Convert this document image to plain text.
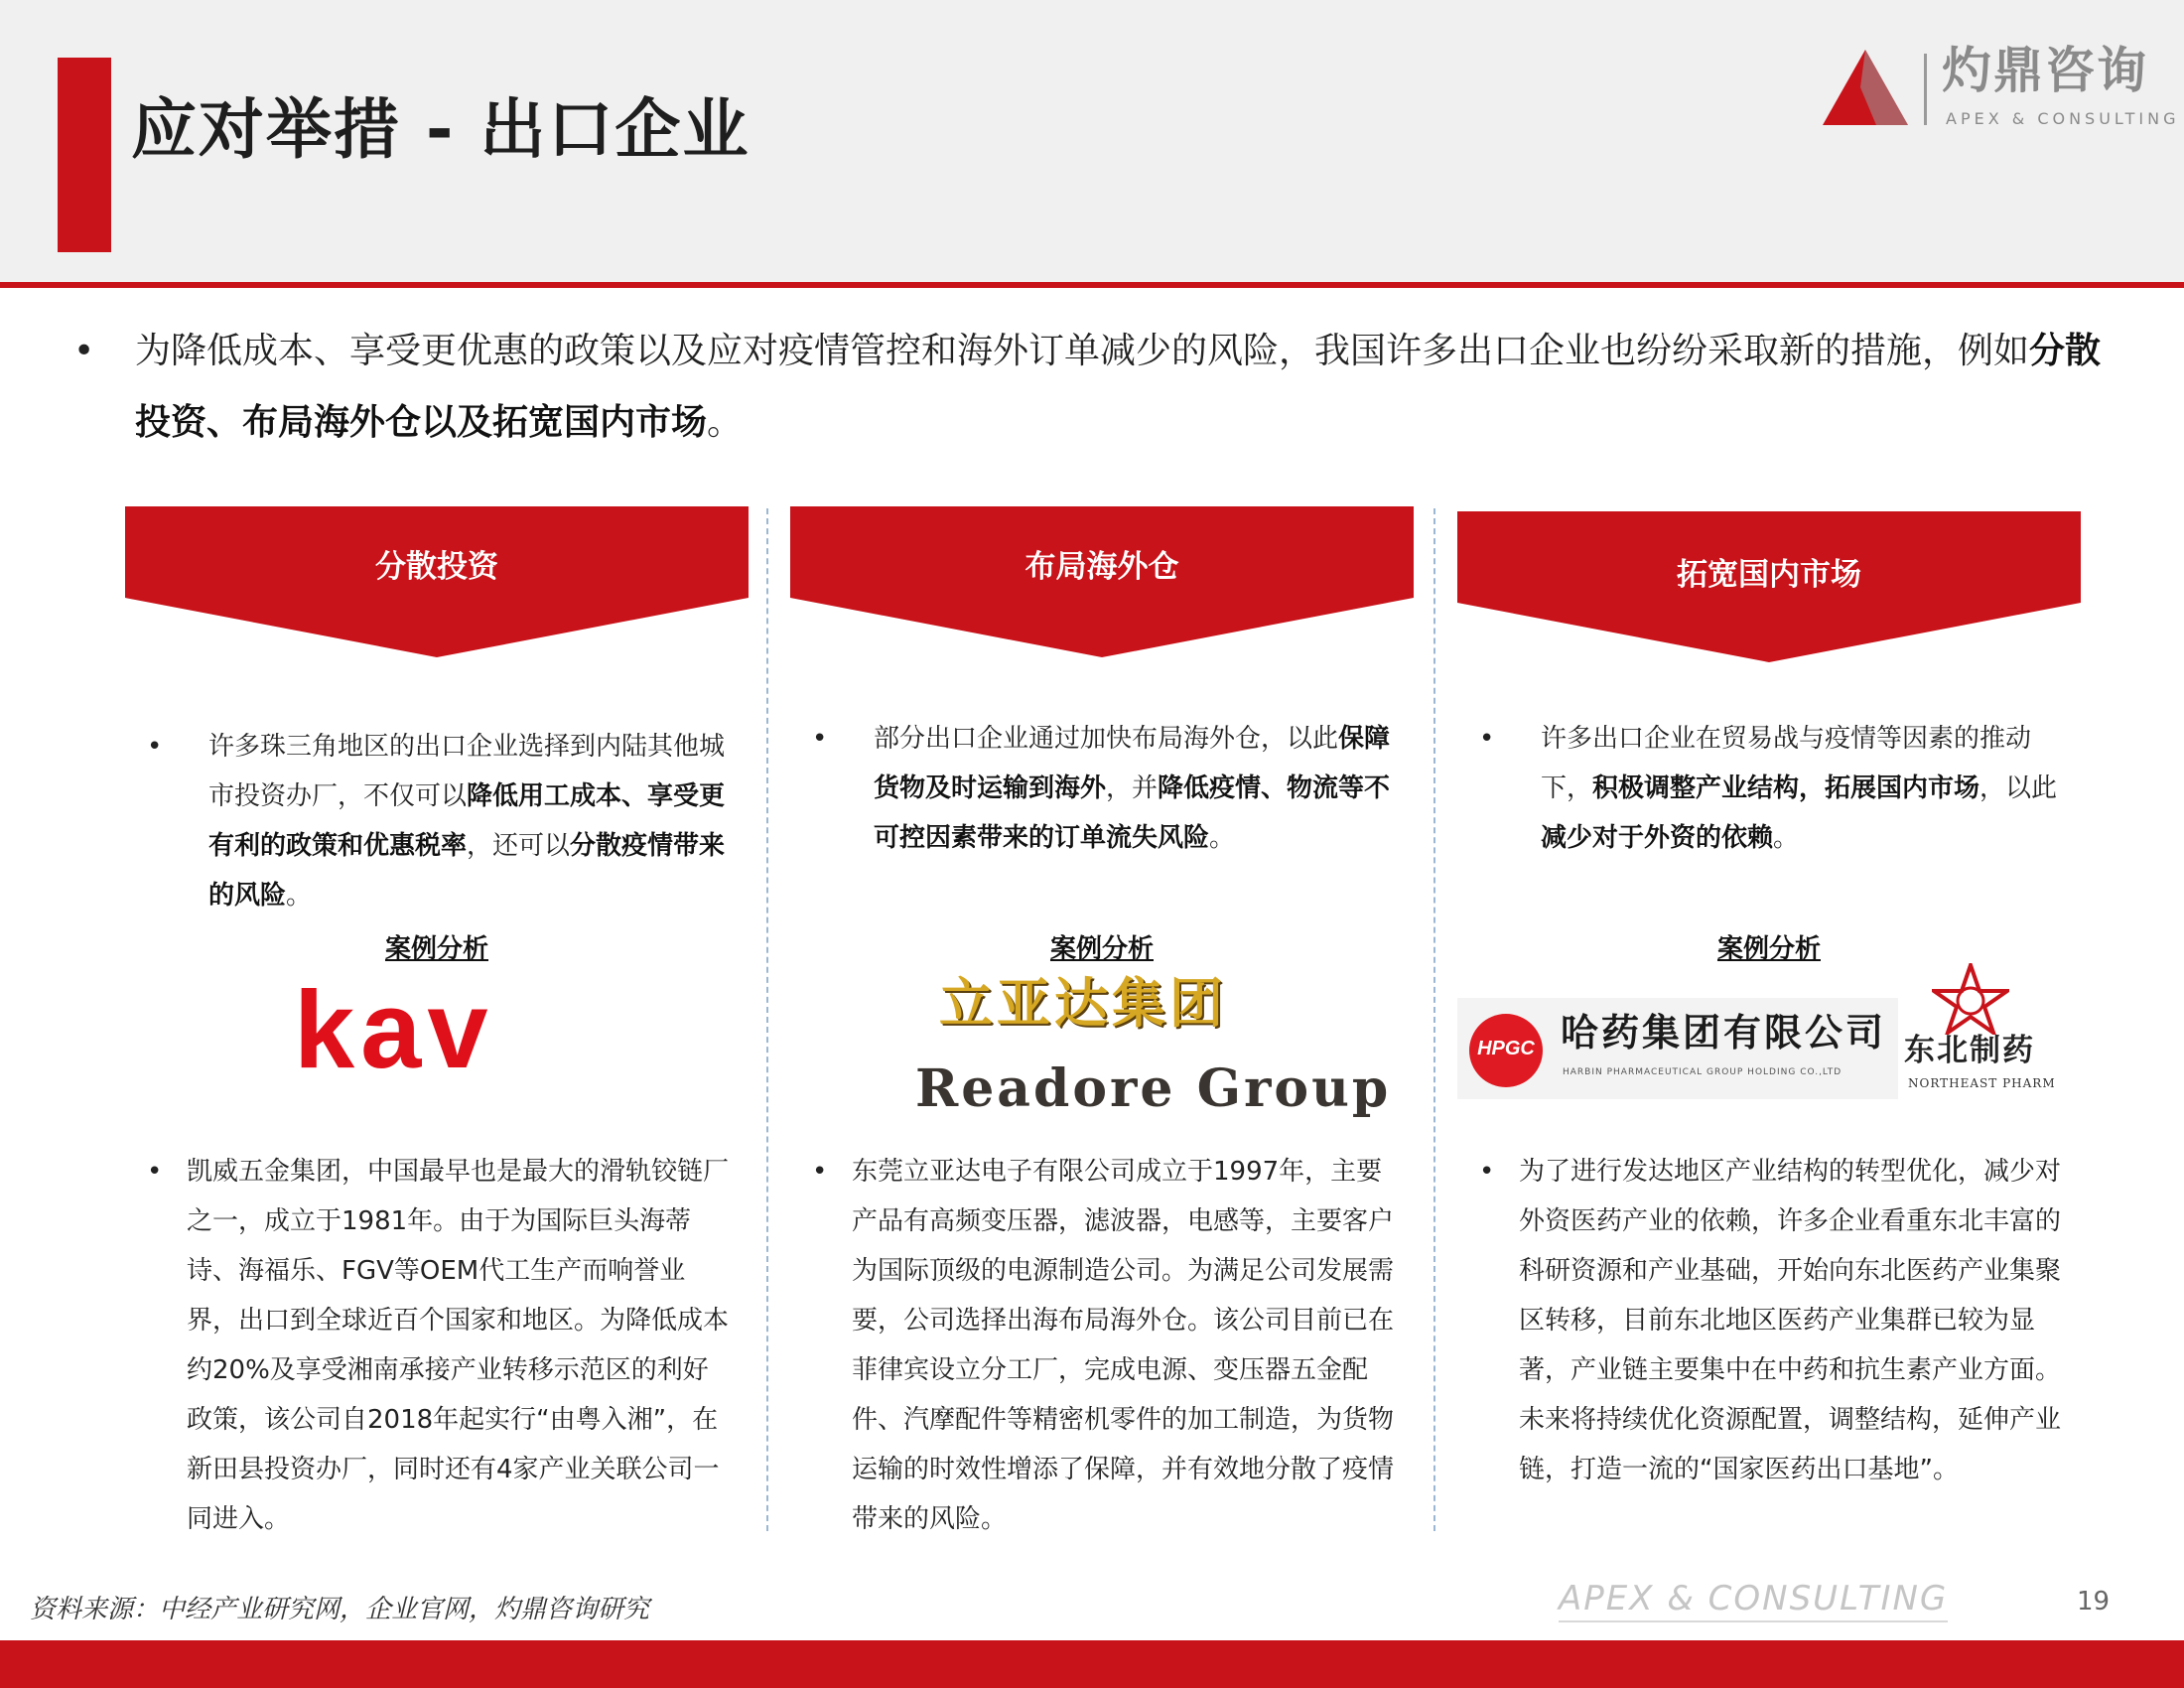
应对举措 - 出口企业
灼鼎咨询
APEX & CONSULTING
• 为降低成本、享受更优惠的政策以及应对疫情管控和海外订单减少的风险，我国许多出口企业也纷纷采取新的措施，例如分散投资、布局海外仓以及拓宽国内市场。
分散投资
• 许多珠三角地区的出口企业选择到内陆其他城市投资办厂，不仅可以降低用工成本、享受更有利的政策和优惠税率，还可以分散疫情带来的风险。
案例分析
kav
• 凯威五金集团，中国最早也是最大的滑轨铰链厂之一，成立于1981年。由于为国际巨头海蒂诗、海福乐、FGV等OEM代工生产而响誉业界，出口到全球近百个国家和地区。为降低成本约20%及享受湘南承接产业转移示范区的利好政策，该公司自2018年起实行“由粤入湘”，在新田县投资办厂，同时还有4家产业关联公司一同进入。
布局海外仓
• 部分出口企业通过加快布局海外仓，以此保障货物及时运输到海外，并降低疫情、物流等不可控因素带来的订单流失风险。
案例分析
立亚达集团
Readore Group
• 东莞立亚达电子有限公司成立于1997年，主要产品有高频变压器，滤波器，电感等，主要客户为国际顶级的电源制造公司。为满足公司发展需要，公司选择出海布局海外仓。该公司目前已在菲律宾设立分工厂，完成电源、变压器五金配件、汽摩配件等精密机零件的加工制造，为货物运输的时效性增添了保障，并有效地分散了疫情带来的风险。
拓宽国内市场
• 许多出口企业在贸易战与疫情等因素的推动下，积极调整产业结构，拓展国内市场，以此减少对于外资的依赖。
案例分析
HPGC 哈药集团有限公司
HARBIN PHARMACEUTICAL GROUP HOLDING CO.,LTD
东北制药
NORTHEAST PHARM
• 为了进行发达地区产业结构的转型优化，减少对外资医药产业的依赖，许多企业看重东北丰富的科研资源和产业基础，开始向东北医药产业集聚区转移，目前东北地区医药产业集群已较为显著，产业链主要集中在中药和抗生素产业方面。未来将持续优化资源配置，调整结构，延伸产业链，打造一流的“国家医药出口基地”。
资料来源：中经产业研究网，企业官网，灼鼎咨询研究	APEX & CONSULTING	19
